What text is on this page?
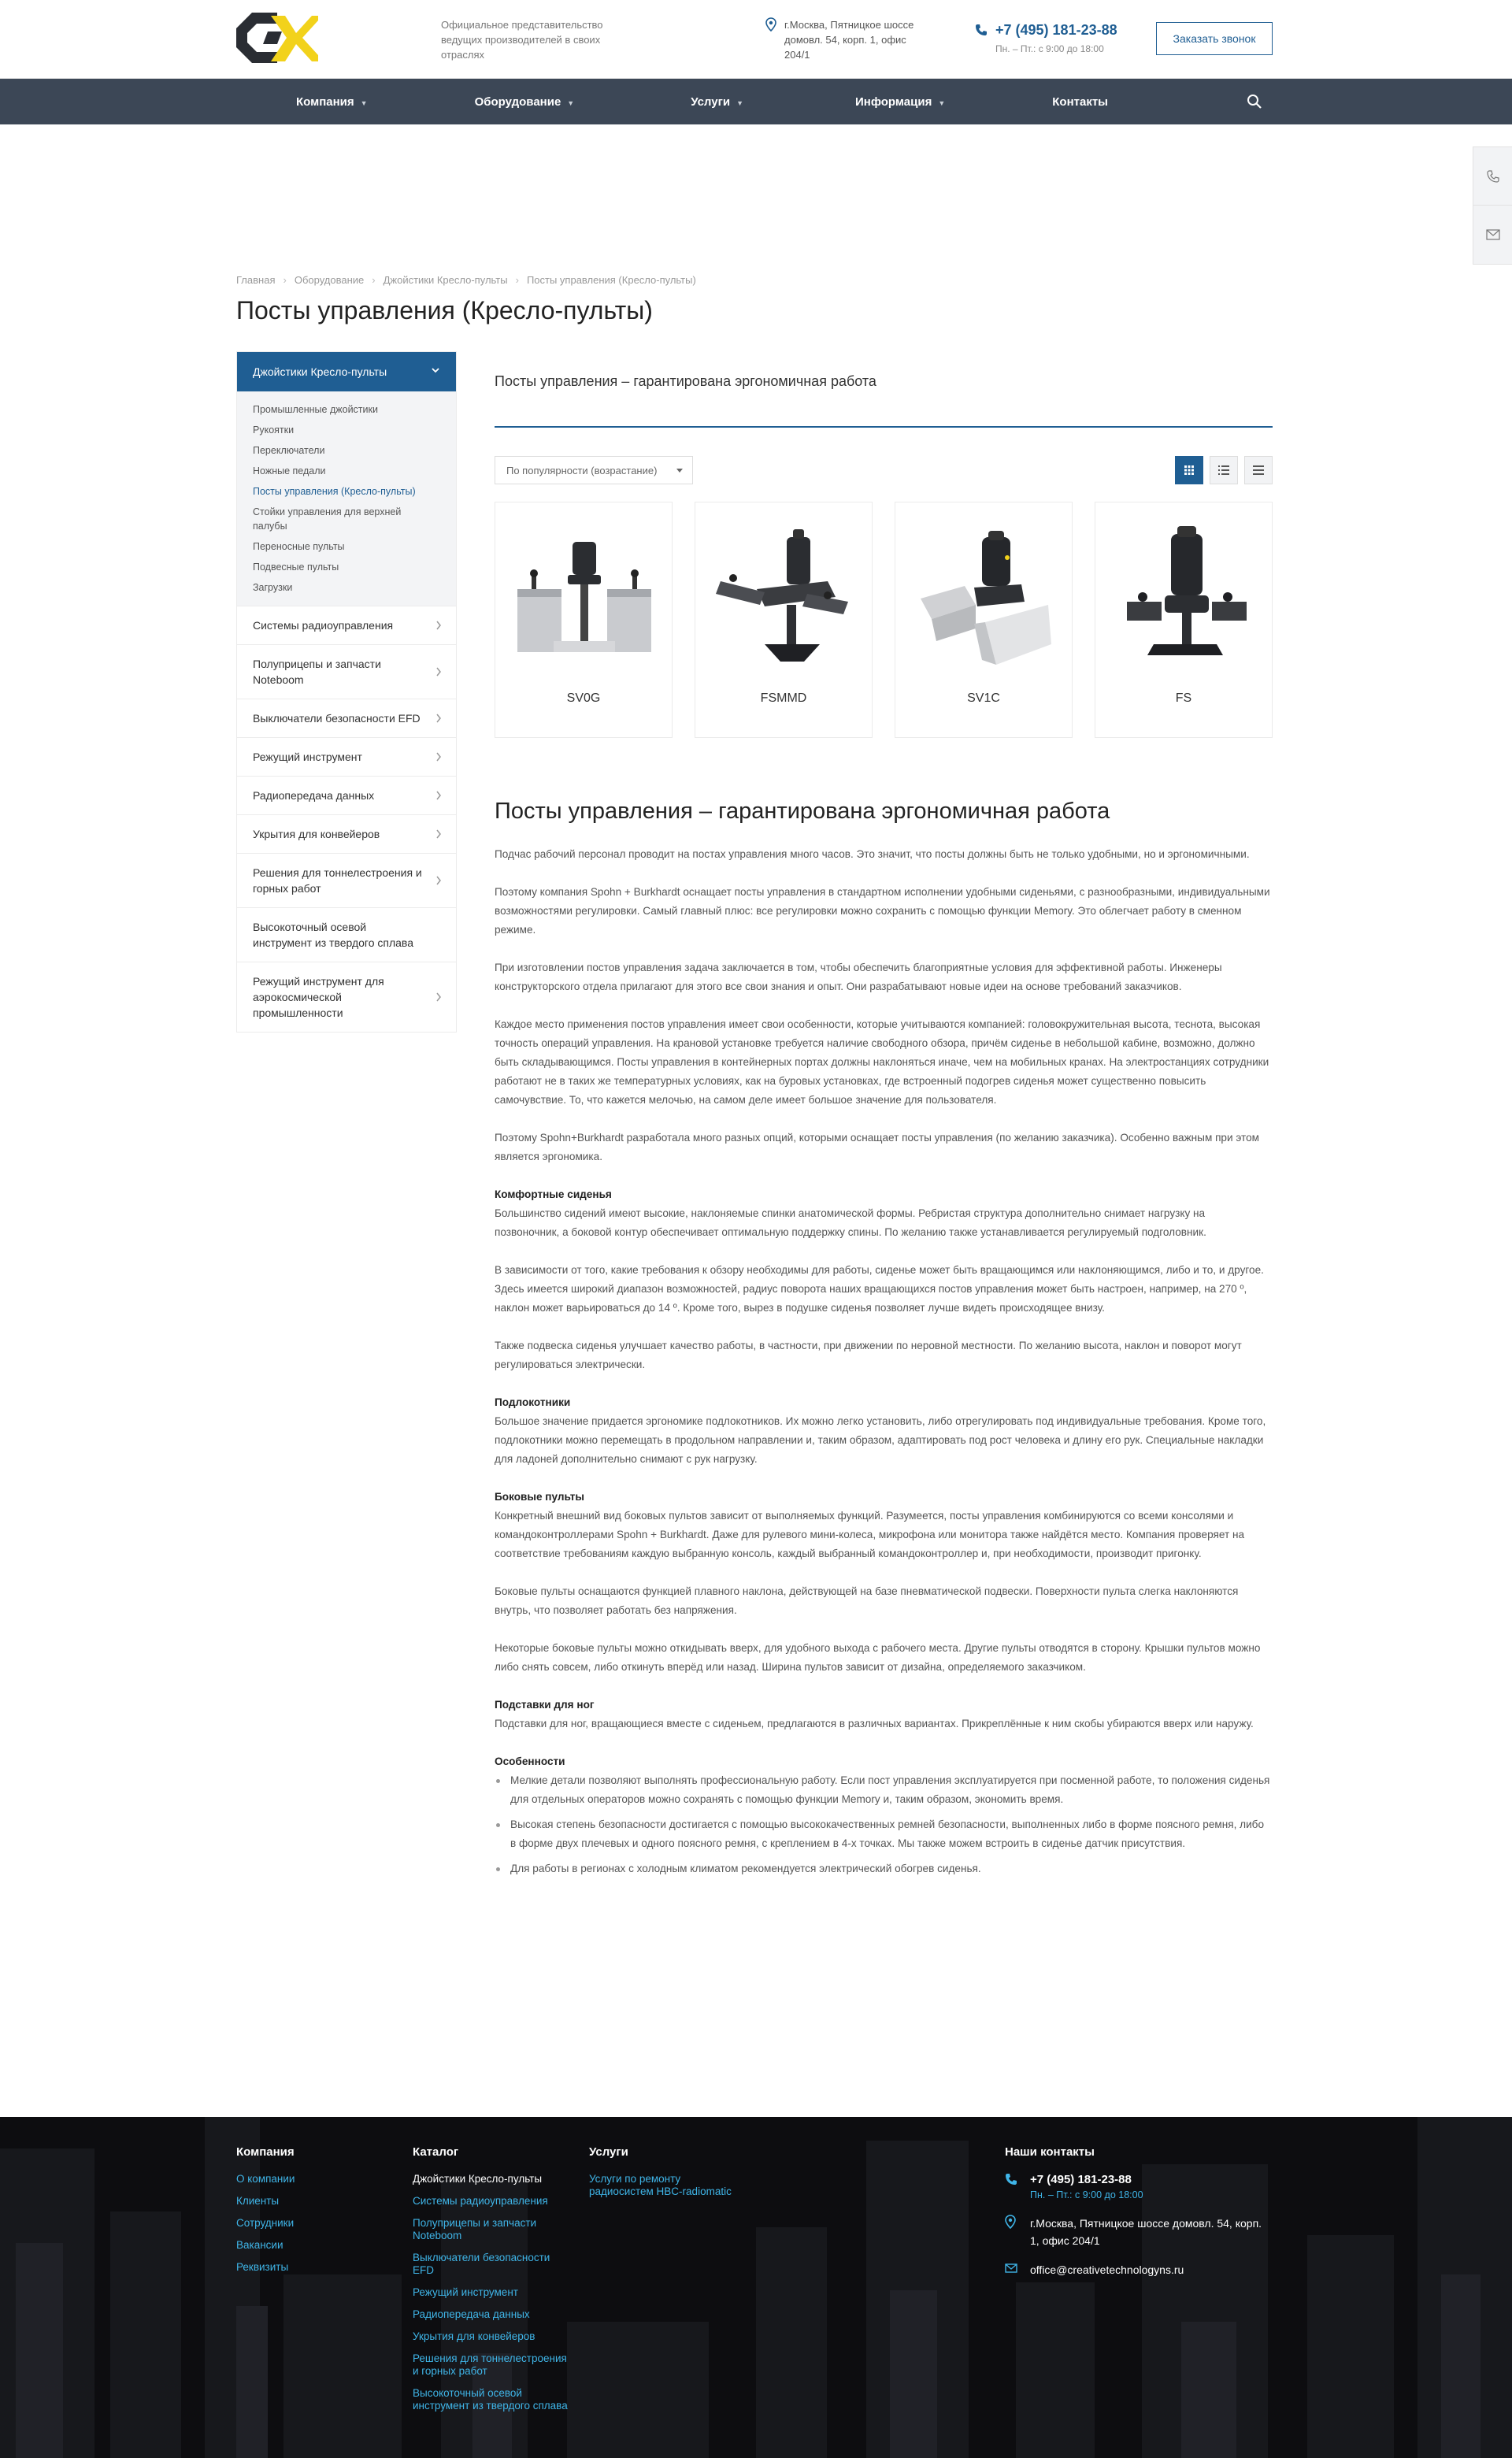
Официальное представительство ведущих производителей в своих отраслях
г.Москва, Пятницкое шоссе домовл. 54, корп. 1, офис 204/1
+7 (495) 181-23-88
Пн. – Пт.: с 9:00 до 18:00
Заказать звонок
Компания ▼	Оборудование ▼	Услуги ▼	Информация ▼	Контакты
Главная › Оборудование › Джойстики Кресло-пульты › Посты управления (Кресло-пульты)
Посты управления (Кресло-пульты)
Джойстики Кресло-пульты
Промышленные джойстики
Рукоятки
Переключатели
Ножные педали
Посты управления (Кресло-пульты)
Стойки управления для верхней палубы
Переносные пульты
Подвесные пульты
Загрузки
Системы радиоуправления
Полуприцепы и запчасти Noteboom
Выключатели безопасности EFD
Режущий инструмент
Радиопередача данных
Укрытия для конвейеров
Решения для тоннелестроения и горных работ
Высокоточный осевой инструмент из твердого сплава
Режущий инструмент для аэрокосмической промышленности
Посты управления – гарантирована эргономичная работа
По популярности (возрастание)
SV0G	FSMMD	SV1C	FS
Посты управления – гарантирована эргономичная работа

Подчас рабочий персонал проводит на постах управления много часов. Это значит, что посты должны быть не только удобными, но и эргономичными.

Поэтому компания Spohn + Burkhardt оснащает посты управления в стандартном исполнении удобными сиденьями, с разнообразными, индивидуальными возможностями регулировки. Самый главный плюс: все регулировки можно сохранить с помощью функции Memory. Это облегчает работу в сменном режиме.

При изготовлении постов управления задача заключается в том, чтобы обеспечить благоприятные условия для эффективной работы. Инженеры конструкторского отдела прилагают для этого все свои знания и опыт. Они разрабатывают новые идеи на основе требований заказчиков.

Каждое место применения постов управления имеет свои особенности, которые учитываются компанией: головокружительная высота, теснота, высокая точность операций управления. На крановой установке требуется наличие свободного обзора, причём сиденье в небольшой кабине, возможно, должно быть складывающимся. Посты управления в контейнерных портах должны наклоняться иначе, чем на мобильных кранах. На электростанциях сотрудники работают не в таких же температурных условиях, как на буровых установках, где встроенный подогрев сиденья может существенно повысить самочувствие. То, что кажется мелочью, на самом деле имеет большое значение для пользователя.

Поэтому Spohn+Burkhardt разработала много разных опций, которыми оснащает посты управления (по желанию заказчика). Особенно важным при этом является эргономика.

Комфортные сиденья

Большинство сидений имеют высокие, наклоняемые спинки анатомической формы. Ребристая структура дополнительно снимает нагрузку на позвоночник, а боковой контур обеспечивает оптимальную поддержку спины. По желанию также устанавливается регулируемый подголовник.

В зависимости от того, какие требования к обзору необходимы для работы, сиденье может быть вращающимся или наклоняющимся, либо и то, и другое. Здесь имеется широкий диапазон возможностей, радиус поворота наших вращающихся постов управления может быть настроен, например, на 270 º, наклон может варьироваться до 14 º. Кроме того, вырез в подушке сиденья позволяет лучше видеть происходящее внизу.

Также подвеска сиденья улучшает качество работы, в частности, при движении по неровной местности. По желанию высота, наклон и поворот могут регулироваться электрически.

Подлокотники

Большое значение придается эргономике подлокотников. Их можно легко установить, либо отрегулировать под индивидуальные требования. Кроме того, подлокотники можно перемещать в продольном направлении и, таким образом, адаптировать под рост человека и длину его рук. Специальные накладки для ладоней дополнительно снимают с рук нагрузку.

Боковые пульты

Конкретный внешний вид боковых пультов зависит от выполняемых функций. Разумеется, посты управления комбинируются со всеми консолями и командоконтроллерами Spohn + Burkhardt. Даже для рулевого мини-колеса, микрофона или монитора также найдётся место. Компания проверяет на соответствие требованиям каждую выбранную консоль, каждый выбранный командоконтроллер и, при необходимости, производит пригонку.

Боковые пульты оснащаются функцией плавного наклона, действующей на базе пневматической подвески. Поверхности пульта слегка наклоняются внутрь, что позволяет работать без напряжения.

Некоторые боковые пульты можно откидывать вверх, для удобного выхода с рабочего места. Другие пульты отводятся в сторону. Крышки пультов можно либо снять совсем, либо откинуть вперёд или назад. Ширина пультов зависит от дизайна, определяемого заказчиком.

Подставки для ног

Подставки для ног, вращающиеся вместе с сиденьем, предлагаются в различных вариантах. Прикреплённые к ним скобы убираются вверх или наружу.

Особенности
Мелкие детали позволяют выполнять профессиональную работу. Если пост управления эксплуатируется при посменной работе, то положения сиденья для отдельных операторов можно сохранять с помощью функции Memory и, таким образом, экономить время.
Высокая степень безопасности достигается с помощью высококачественных ремней безопасности, выполненных либо в форме поясного ремня, либо в форме двух плечевых и одного поясного ремня, с креплением в 4-х точках. Мы также можем встроить в сиденье датчик присутствия.
Для работы в регионах с холодным климатом рекомендуется электрический обогрев сиденья.
Компания
О компании
Клиенты
Сотрудники
Вакансии
Реквизиты
Каталог
Джойстики Кресло-пульты
Системы радиоуправления
Полуприцепы и запчасти Noteboom
Выключатели безопасности EFD
Режущий инструмент
Радиопередача данных
Укрытия для конвейеров
Решения для тоннелестроения и горных работ
Высокоточный осевой инструмент из твердого сплава
Услуги
Услуги по ремонту радиосистем HBC-radiomatic
Наши контакты
+7 (495) 181-23-88
Пн. – Пт.: с 9:00 до 18:00
г.Москва, Пятницкое шоссе домовл. 54, корп. 1, офис 204/1
office@creativetechnologyns.ru
